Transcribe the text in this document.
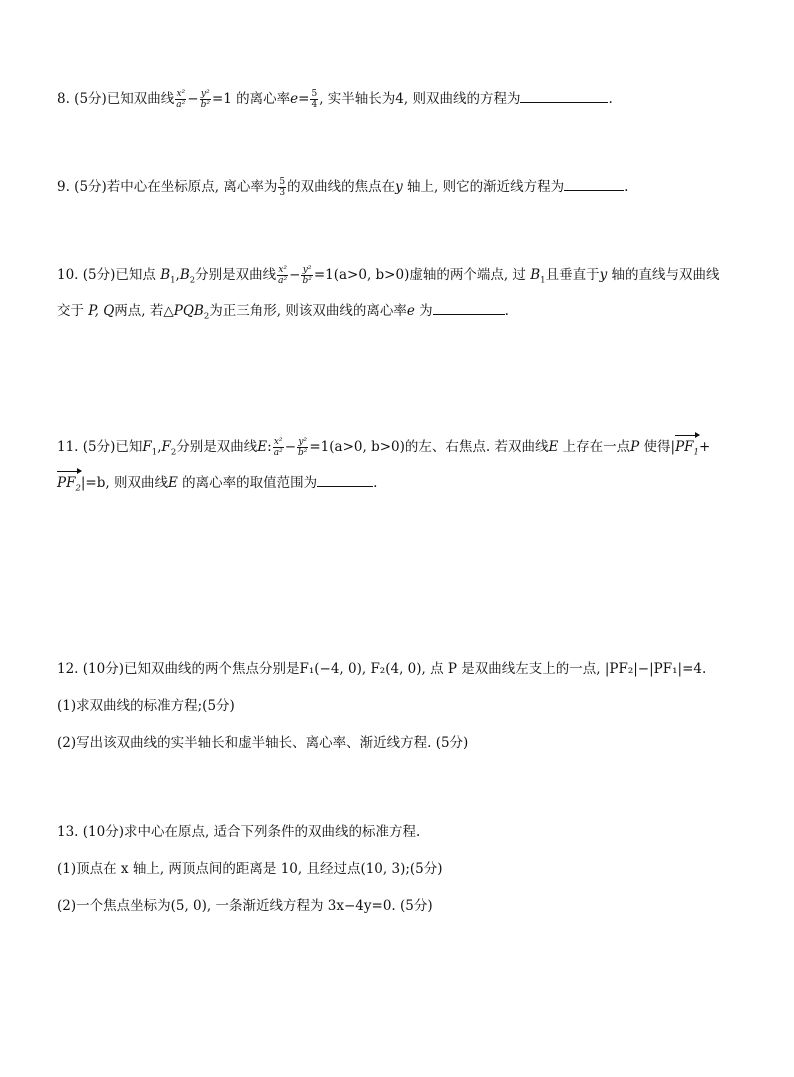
8. (5分)已知双曲线 $\frac{\text{x²}}{\text{a²}} - \frac{\text{y²}}{\text{b²}} =1$ 的离心率$e= \frac{5}{4}$ , 实半轴长为4, 则双曲线的方程为	.
9. (5分)若中心在坐标原点, 离心率为 $\frac{5}{3}$ 的双曲线的焦点在y 轴上, 则它的渐近线方程为	.
10. (5分)已知点 $B_1,B_2$分别是双曲线 $\frac{\text{x²}}{\text{a²}} - \frac{\text{y²}}{\text{b²}} =1(a>0$, b>0)虚轴的两个端点, 过 $B_1$且垂直于y 轴的直线与双曲线
交于 P, Q两点, 若$\triangle PQB_2$为正三角形, 则该双曲线的离心率e 为	.
11. (5分)已知$F_1,F_2$分别是双曲线E: $\frac{\text{x²}}{\text{a²}} - \frac{\text{y²}}{\text{b²}} =1(a>0$, b>0)的左、右焦点. 若双曲线E 上存在一点P 使得$|PF_1+$
$PF_2|=b$, 则双曲线E 的离心率的取值范围为	.
12. (10分)已知双曲线的两个焦点分别是F₁(−4, 0), F₂(4, 0), 点 P 是双曲线左支上的一点, |PF₂|−|PF₁|=4.
(1)求双曲线的标准方程;(5分)
(2)写出该双曲线的实半轴长和虚半轴长、离心率、渐近线方程. (5分)
13. (10分)求中心在原点, 适合下列条件的双曲线的标准方程.
(1)顶点在 x 轴上, 两顶点间的距离是 10, 且经过点(10, 3);(5分)
(2)一个焦点坐标为(5, 0), 一条渐近线方程为 3x−4y=0. (5分)
